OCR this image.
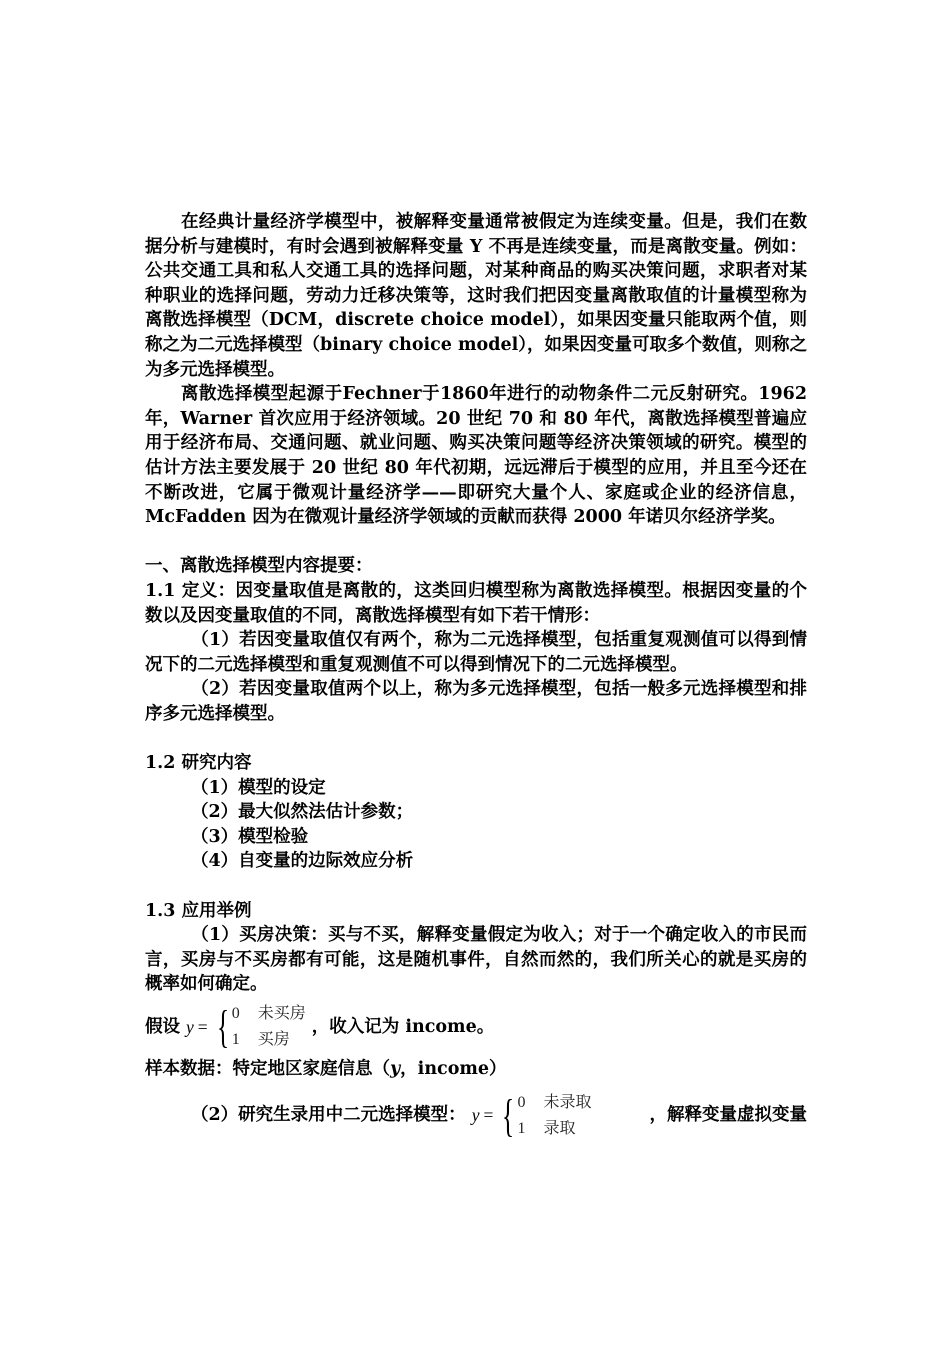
在经典计量经济学模型中，被解释变量通常被假定为连续变量。但是，我们在数据分析与建模时，有时会遇到被解释变量 Y 不再是连续变量，而是离散变量。例如：公共交通工具和私人交通工具的选择问题，对某种商品的购买决策问题，求职者对某种职业的选择问题，劳动力迁移决策等，这时我们把因变量离散取值的计量模型称为离散选择模型（DCM，discrete choice model），如果因变量只能取两个值，则称之为二元选择模型（binary choice model），如果因变量可取多个数值，则称之为多元选择模型。

离散选择模型起源于Fechner于1860年进行的动物条件二元反射研究。1962年，Warner 首次应用于经济领域。20 世纪 70 和 80 年代，离散选择模型普遍应用于经济布局、交通问题、就业问题、购买决策问题等经济决策领域的研究。模型的估计方法主要发展于 20 世纪 80 年代初期，远远滞后于模型的应用，并且至今还在不断改进，它属于微观计量经济学——即研究大量个人、家庭或企业的经济信息，McFadden 因为在微观计量经济学领域的贡献而获得 2000 年诺贝尔经济学奖。

一、离散选择模型内容提要：

1.1 定义：因变量取值是离散的，这类回归模型称为离散选择模型。根据因变量的个数以及因变量取值的不同，离散选择模型有如下若干情形：

（1）若因变量取值仅有两个，称为二元选择模型，包括重复观测值可以得到情况下的二元选择模型和重复观测值不可以得到情况下的二元选择模型。

（2）若因变量取值两个以上，称为多元选择模型，包括一般多元选择模型和排序多元选择模型。

1.2 研究内容

（1）模型的设定

（2）最大似然法估计参数；

（3）模型检验

（4）自变量的边际效应分析

1.3 应用举例

（1）买房决策：买与不买，解释变量假定为收入；对于一个确定收入的市民而言，买房与不买房都有可能，这是随机事件，自然而然的，我们所关心的就是买房的概率如何确定。

假设 y = { 0 未买房
1 买房
，收入记为 income。

样本数据：特定地区家庭信息（y，income）

（2）研究生录用中二元选择模型： y = { 0 未录取
1 录取
，解释变量虚拟变量
